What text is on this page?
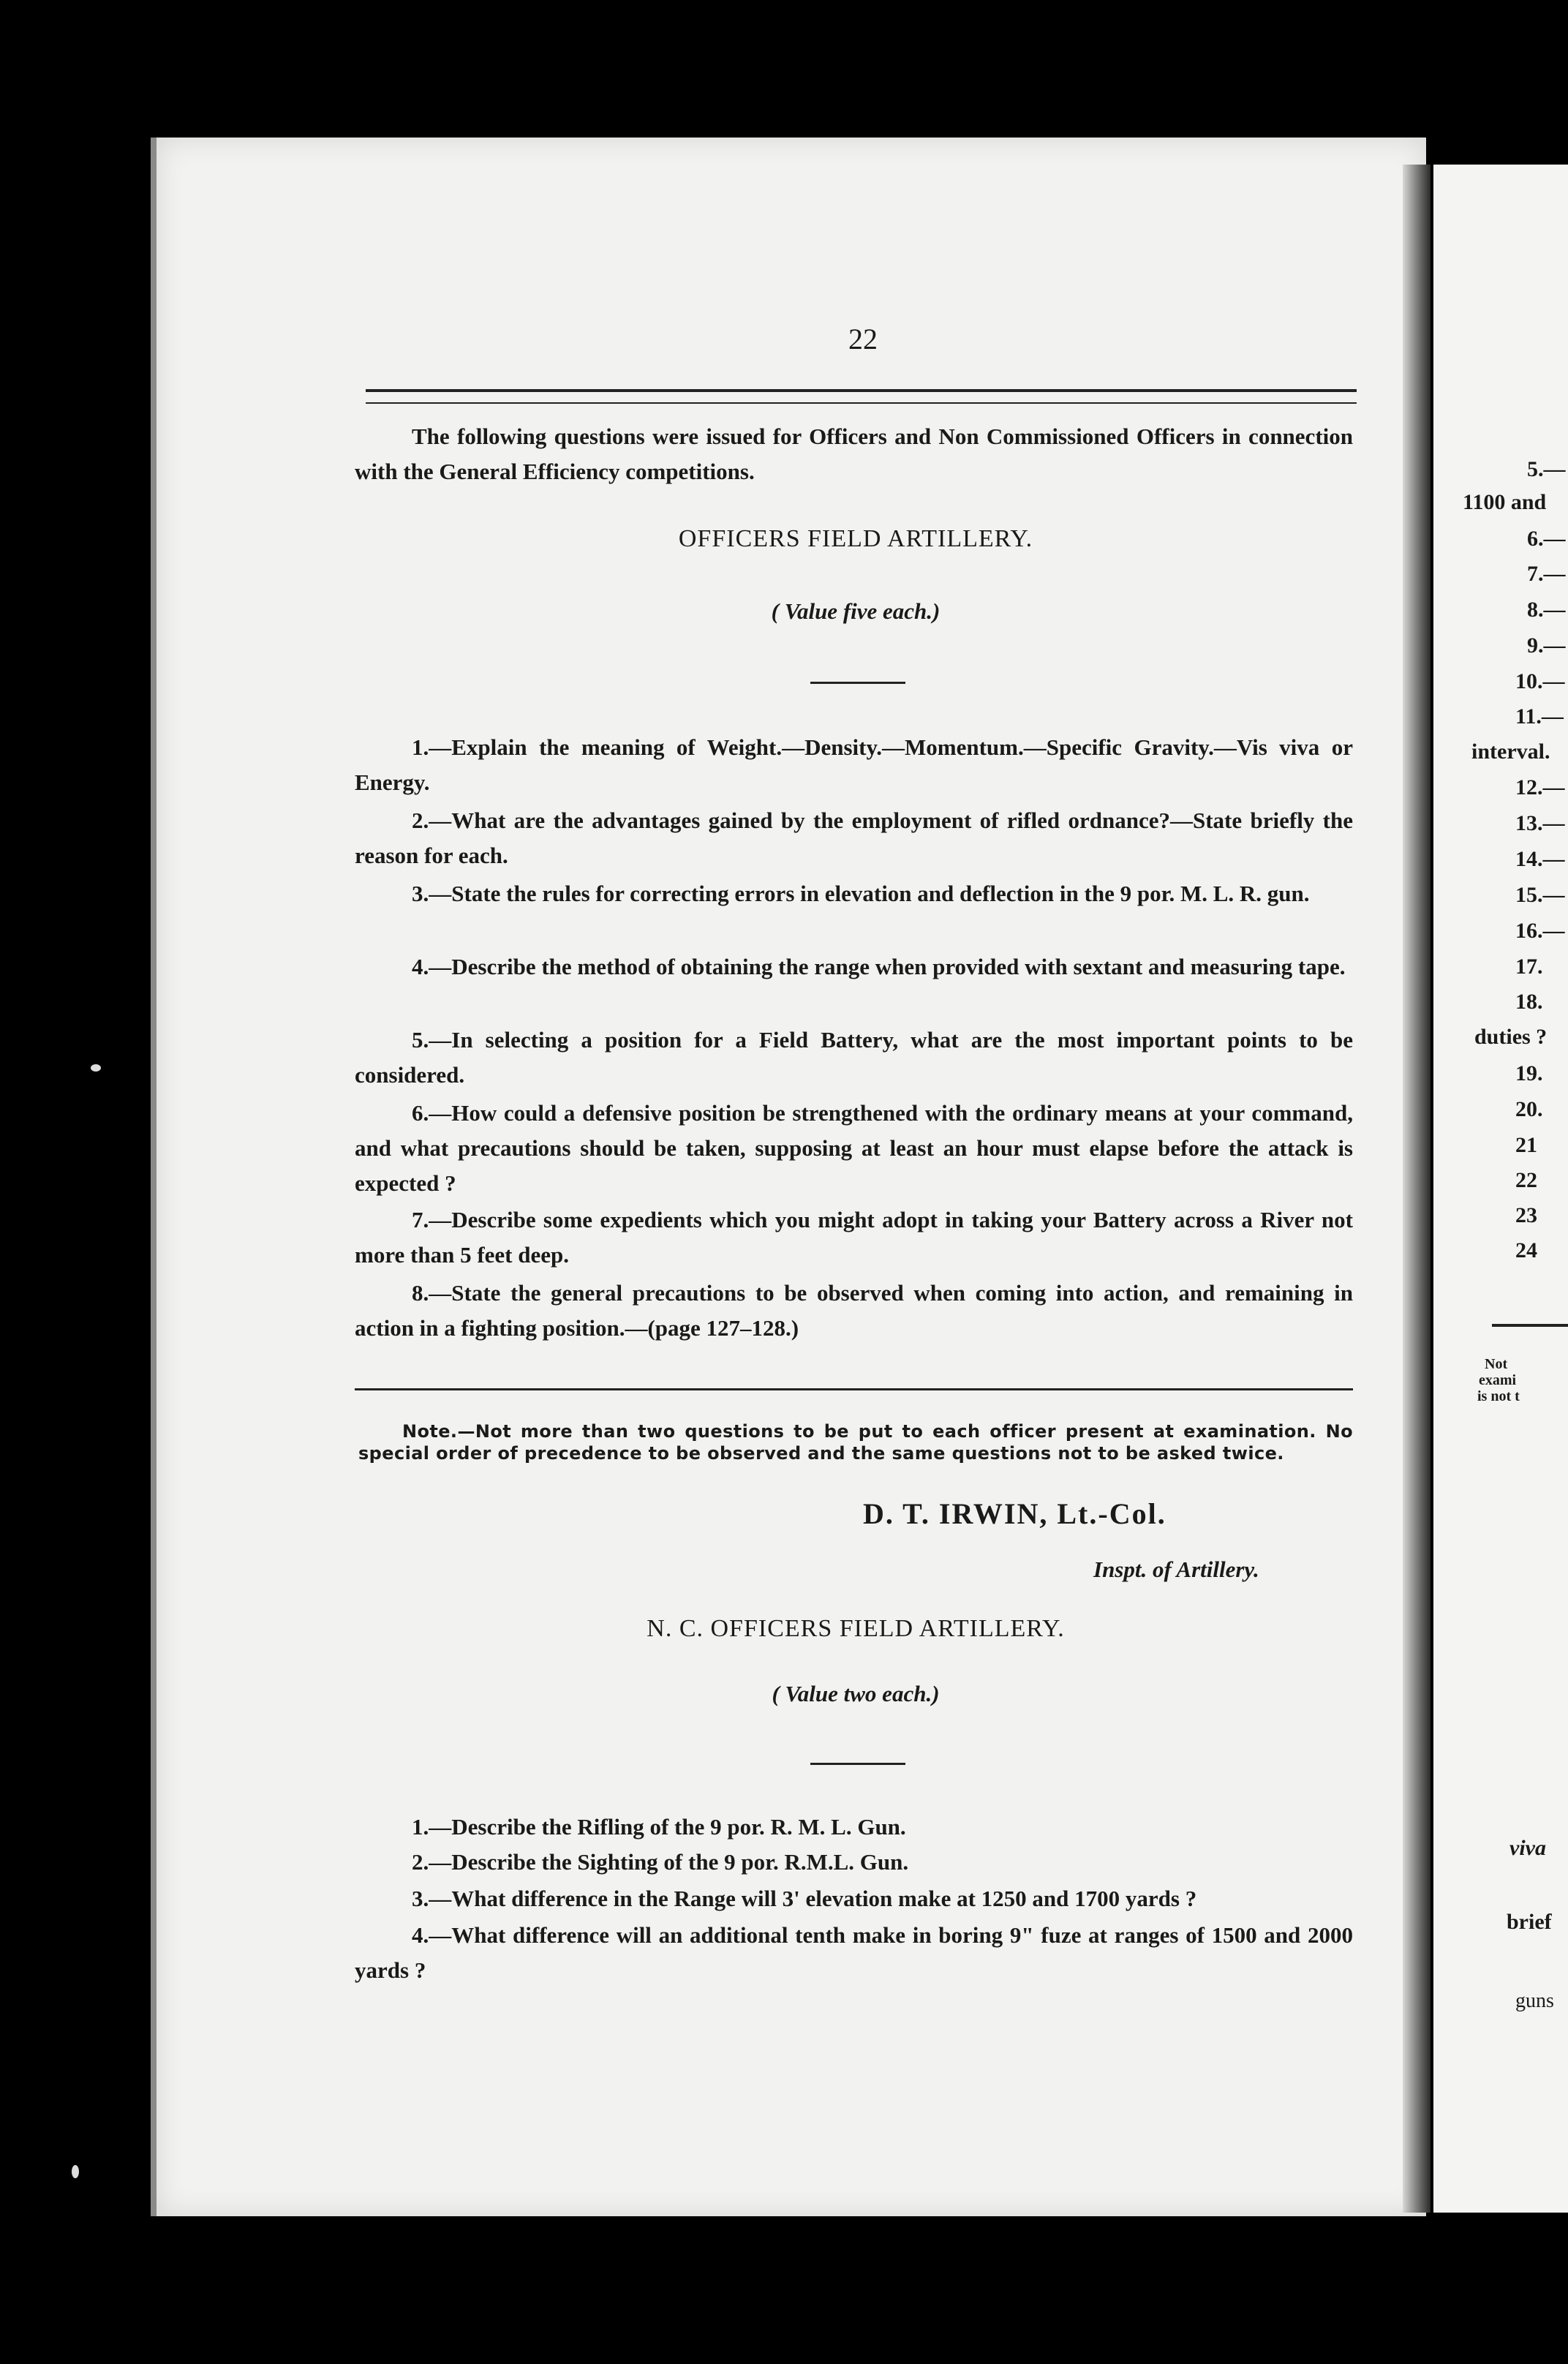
5.—
1100 and
6.—
7.—
8.—
9.—
10.—
11.—
interval.
12.—
13.—
14.—
15.—
16.—
17.
18.
duties ?
19.
20.
21
22
23
24
Not
exami
is not t
viva
brief
guns
22
The following questions were issued for Officers and Non Commissioned Officers in connection with the General Efficiency competitions.
OFFICERS FIELD ARTILLERY.
( Value five each.)
1.—Explain the meaning of Weight.—Density.—Momentum.—Specific Gravity.—Vis viva or Energy.
2.—What are the advantages gained by the employment of rifled ordnance?—State briefly the reason for each.
3.—State the rules for correcting errors in elevation and deflection in the 9 por. M. L. R. gun.
4.—Describe the method of obtaining the range when provided with sextant and measuring tape.
5.—In selecting a position for a Field Battery, what are the most important points to be considered.
6.—How could a defensive position be strengthened with the ordinary means at your command, and what precautions should be taken, supposing at least an hour must elapse before the attack is expected ?
7.—Describe some expedients which you might adopt in taking your Battery across a River not more than 5 feet deep.
8.—State the general precautions to be observed when coming into action, and remaining in action in a fighting position.—(page 127–128.)
Note.—Not more than two questions to be put to each officer present at examination. No special order of precedence to be observed and the same questions not to be asked twice.
D. T. IRWIN, Lt.-Col.
Inspt. of Artillery.
N. C. OFFICERS FIELD ARTILLERY.
( Value two each.)
1.—Describe the Rifling of the 9 por. R. M. L. Gun.
2.—Describe the Sighting of the 9 por. R.M.L. Gun.
3.—What difference in the Range will 3' elevation make at 1250 and 1700 yards ?
4.—What difference will an additional tenth make in boring 9" fuze at ranges of 1500 and 2000 yards ?
